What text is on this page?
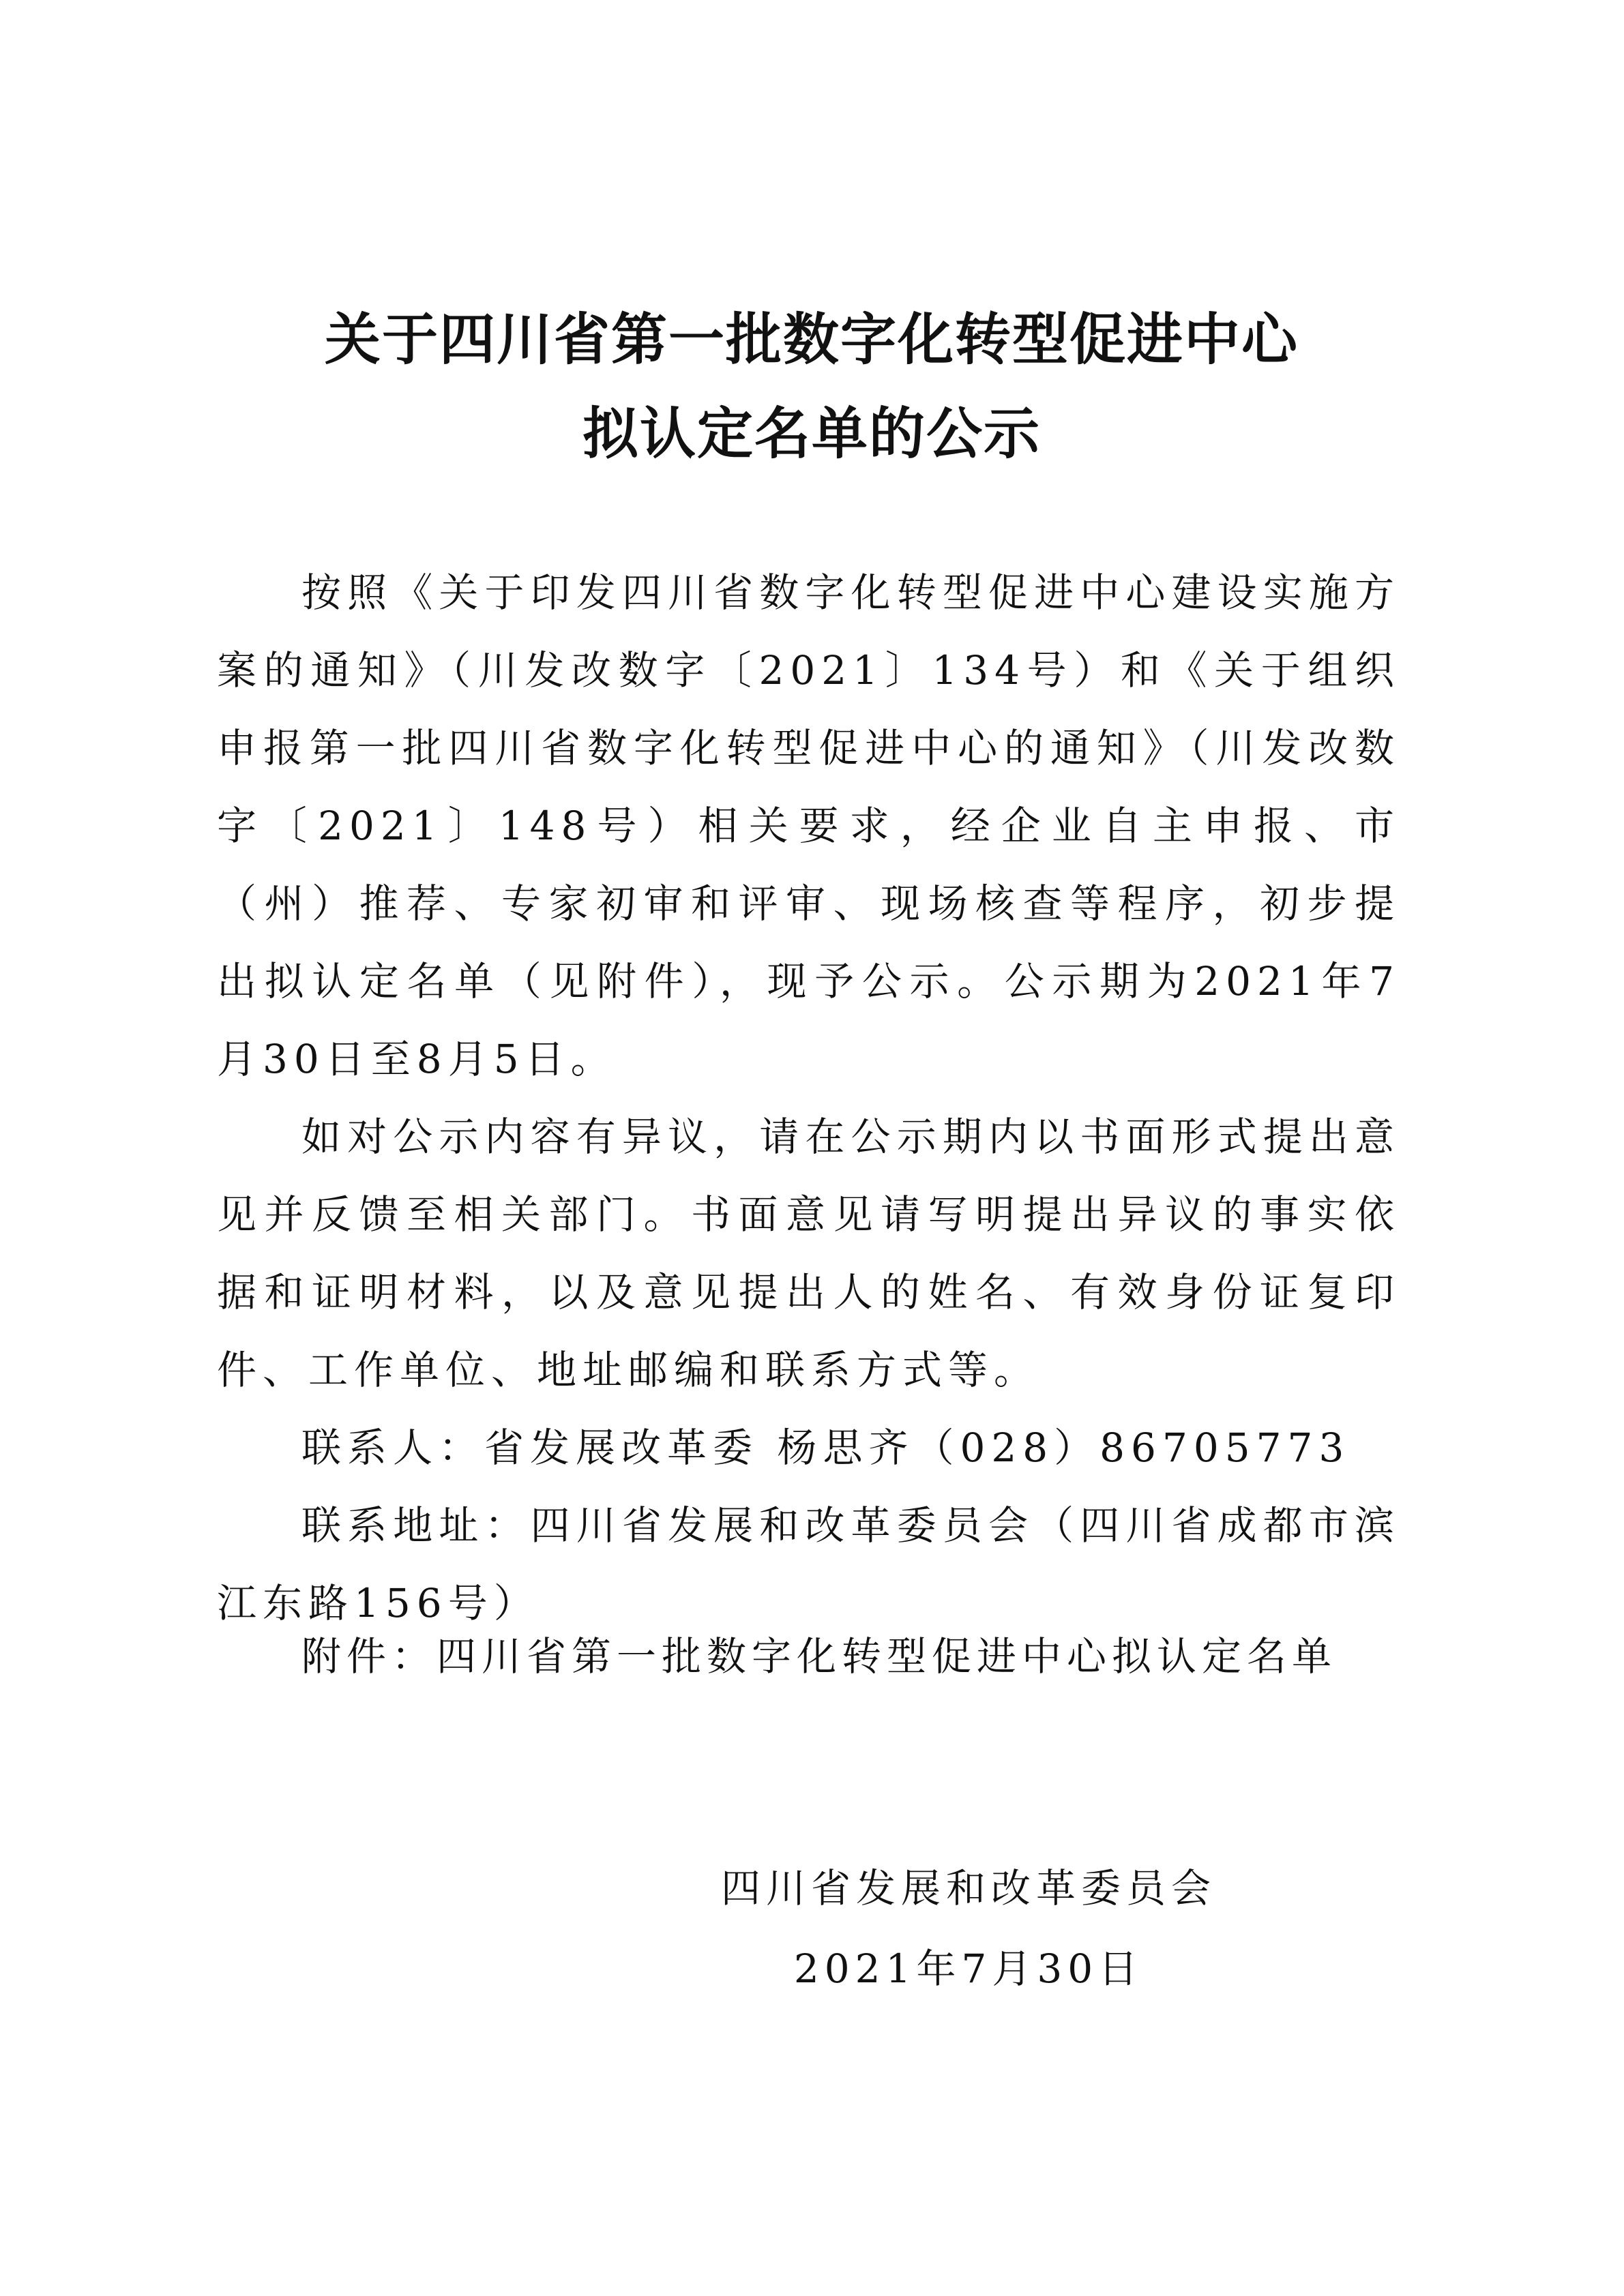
关于四川省第一批数字化转型促进中心
拟认定名单的公示

按照《关于印发四川省数字化转型促进中心建设实施方案的通知》（川发改数字〔2021〕134号）和《关于组织申报第一批四川省数字化转型促进中心的通知》（川发改数字〔2021〕148号）相关要求，经企业自主申报、市（州）推荐、专家初审和评审、现场核查等程序，初步提出拟认定名单（见附件），现予公示。公示期为2021年7月30日至8月5日。

如对公示内容有异议，请在公示期内以书面形式提出意见并反馈至相关部门。书面意见请写明提出异议的事实依据和证明材料，以及意见提出人的姓名、有效身份证复印件、工作单位、地址邮编和联系方式等。

联系人：省发展改革委 杨思齐（028）86705773

联系地址：四川省发展和改革委员会（四川省成都市滨江东路156号）

附件：四川省第一批数字化转型促进中心拟认定名单
四川省发展和改革委员会
2021年7月30日
